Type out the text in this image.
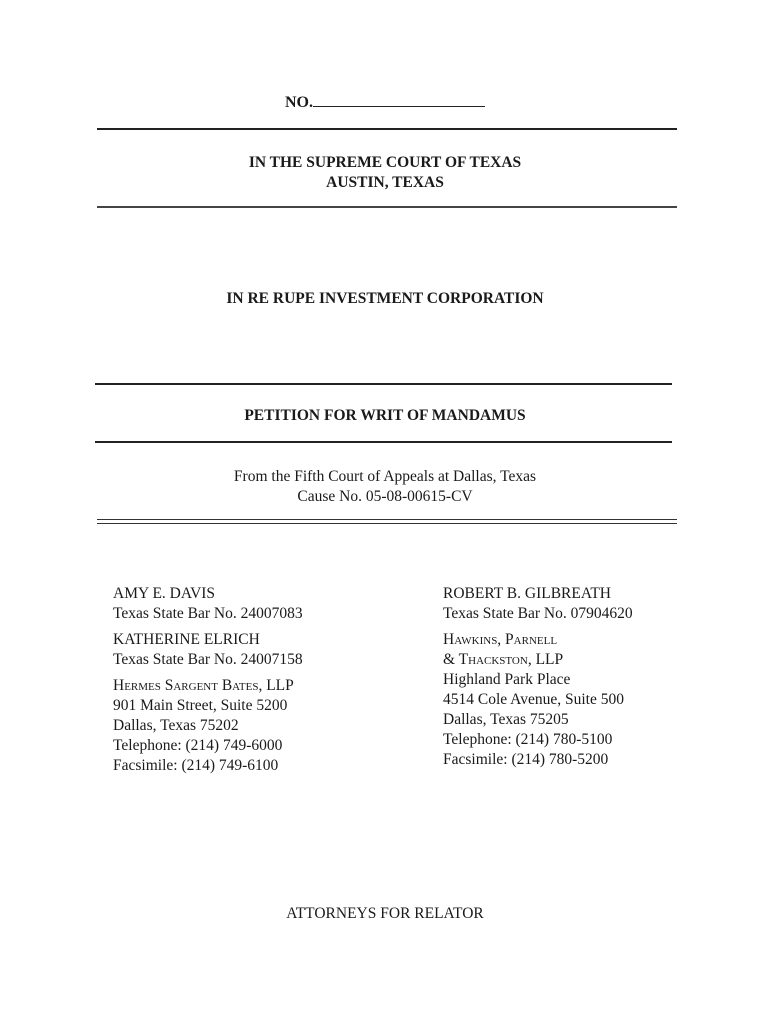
NO.
IN THE SUPREME COURT OF TEXAS
AUSTIN, TEXAS
IN RE RUPE INVESTMENT CORPORATION
PETITION FOR WRIT OF MANDAMUS
From the Fifth Court of Appeals at Dallas, Texas
Cause No. 05-08-00615-CV
AMY E. DAVIS
Texas State Bar No. 24007083
KATHERINE ELRICH
Texas State Bar No. 24007158
Hermes Sargent Bates, LLP
901 Main Street, Suite 5200
Dallas, Texas 75202
Telephone: (214) 749-6000
Facsimile: (214) 749-6100
ROBERT B. GILBREATH
Texas State Bar No. 07904620
Hawkins, Parnell
& Thackston, LLP
Highland Park Place
4514 Cole Avenue, Suite 500
Dallas, Texas 75205
Telephone: (214) 780-5100
Facsimile: (214) 780-5200
ATTORNEYS FOR RELATOR
